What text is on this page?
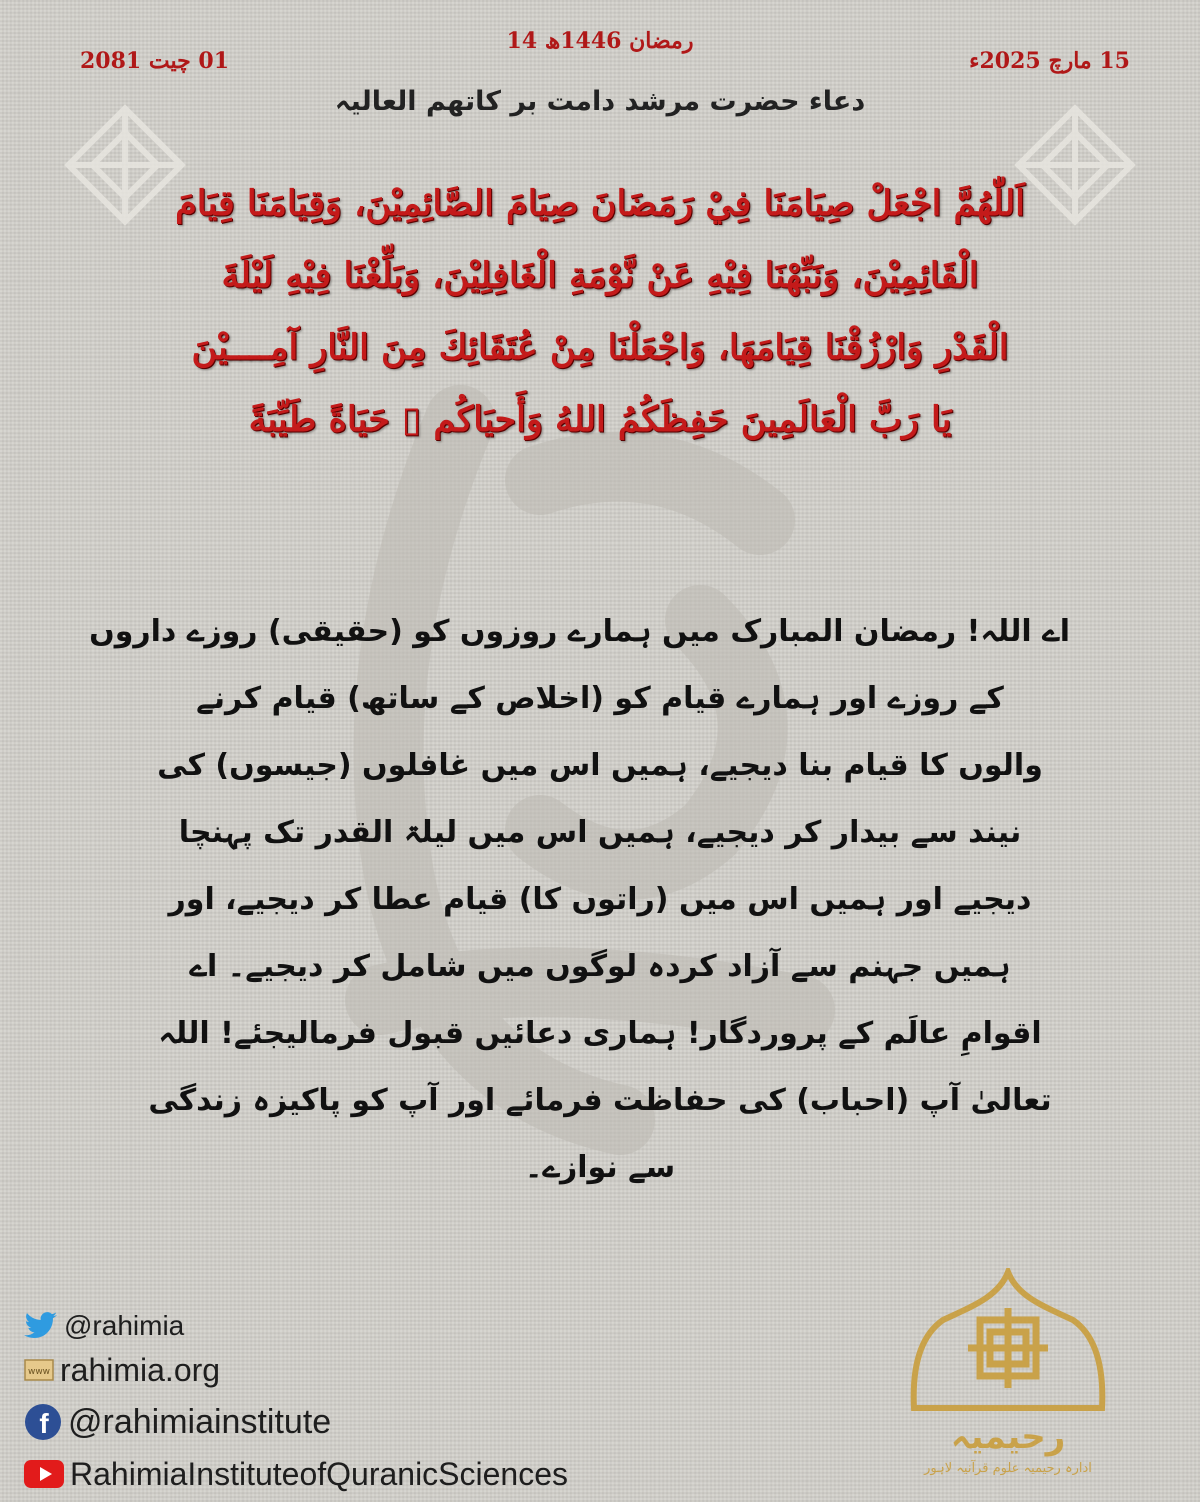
14 رمضان 1446ھ
15 مارچ 2025ء
01 چیت 2081
دعاء حضرت مرشد دامت بر کاتھم العالیہ
اَللّٰهُمَّ اجْعَلْ صِيَامَنَا فِيْ رَمَضَانَ صِيَامَ الصَّائِمِيْنَ، وَقِيَامَنَا قِيَامَ
الْقَائِمِيْنَ، وَنَبِّهْنَا فِيْهِ عَنْ نَّوْمَةِ الْغَافِلِيْنَ، وَبَلِّغْنَا فِيْهِ لَيْلَةَ
الْقَدْرِ وَارْزُقْنَا قِيَامَهَا، وَاجْعَلْنَا مِنْ عُتَقَائِكَ مِنَ النَّارِ آمِــــيْنَ
يَا رَبَّ الْعَالَمِينَ حَفِظَكُمُ اللهُ وَأَحيَاكُم ▯ حَيَاةً طَيِّبَةً
اے اللہ! رمضان المبارک میں ہمارے روزوں کو (حقیقی) روزے داروں
کے روزے اور ہمارے قیام کو (اخلاص کے ساتھ) قیام کرنے
والوں کا قیام بنا دیجیے، ہمیں اس میں غافلوں (جیسوں) کی
نیند سے بیدار کر دیجیے، ہمیں اس میں لیلۃ القدر تک پہنچا
دیجیے اور ہمیں اس میں (راتوں کا) قیام عطا کر دیجیے، اور
ہمیں جہنم سے آزاد کردہ لوگوں میں شامل کر دیجیے۔ اے
اقوامِ عالَم کے پروردگار! ہماری دعائیں قبول فرمالیجئے! اللہ
تعالیٰ آپ (احباب) کی حفاظت فرمائے اور آپ کو پاکیزہ زندگی
سے نوازے۔
@rahimia
www rahimia.org
f @rahimiainstitute
RahimiaInstituteofQuranicSciences
رحیمیہ
ادارہ رحیمیہ علوم قرآنیہ لاہور
